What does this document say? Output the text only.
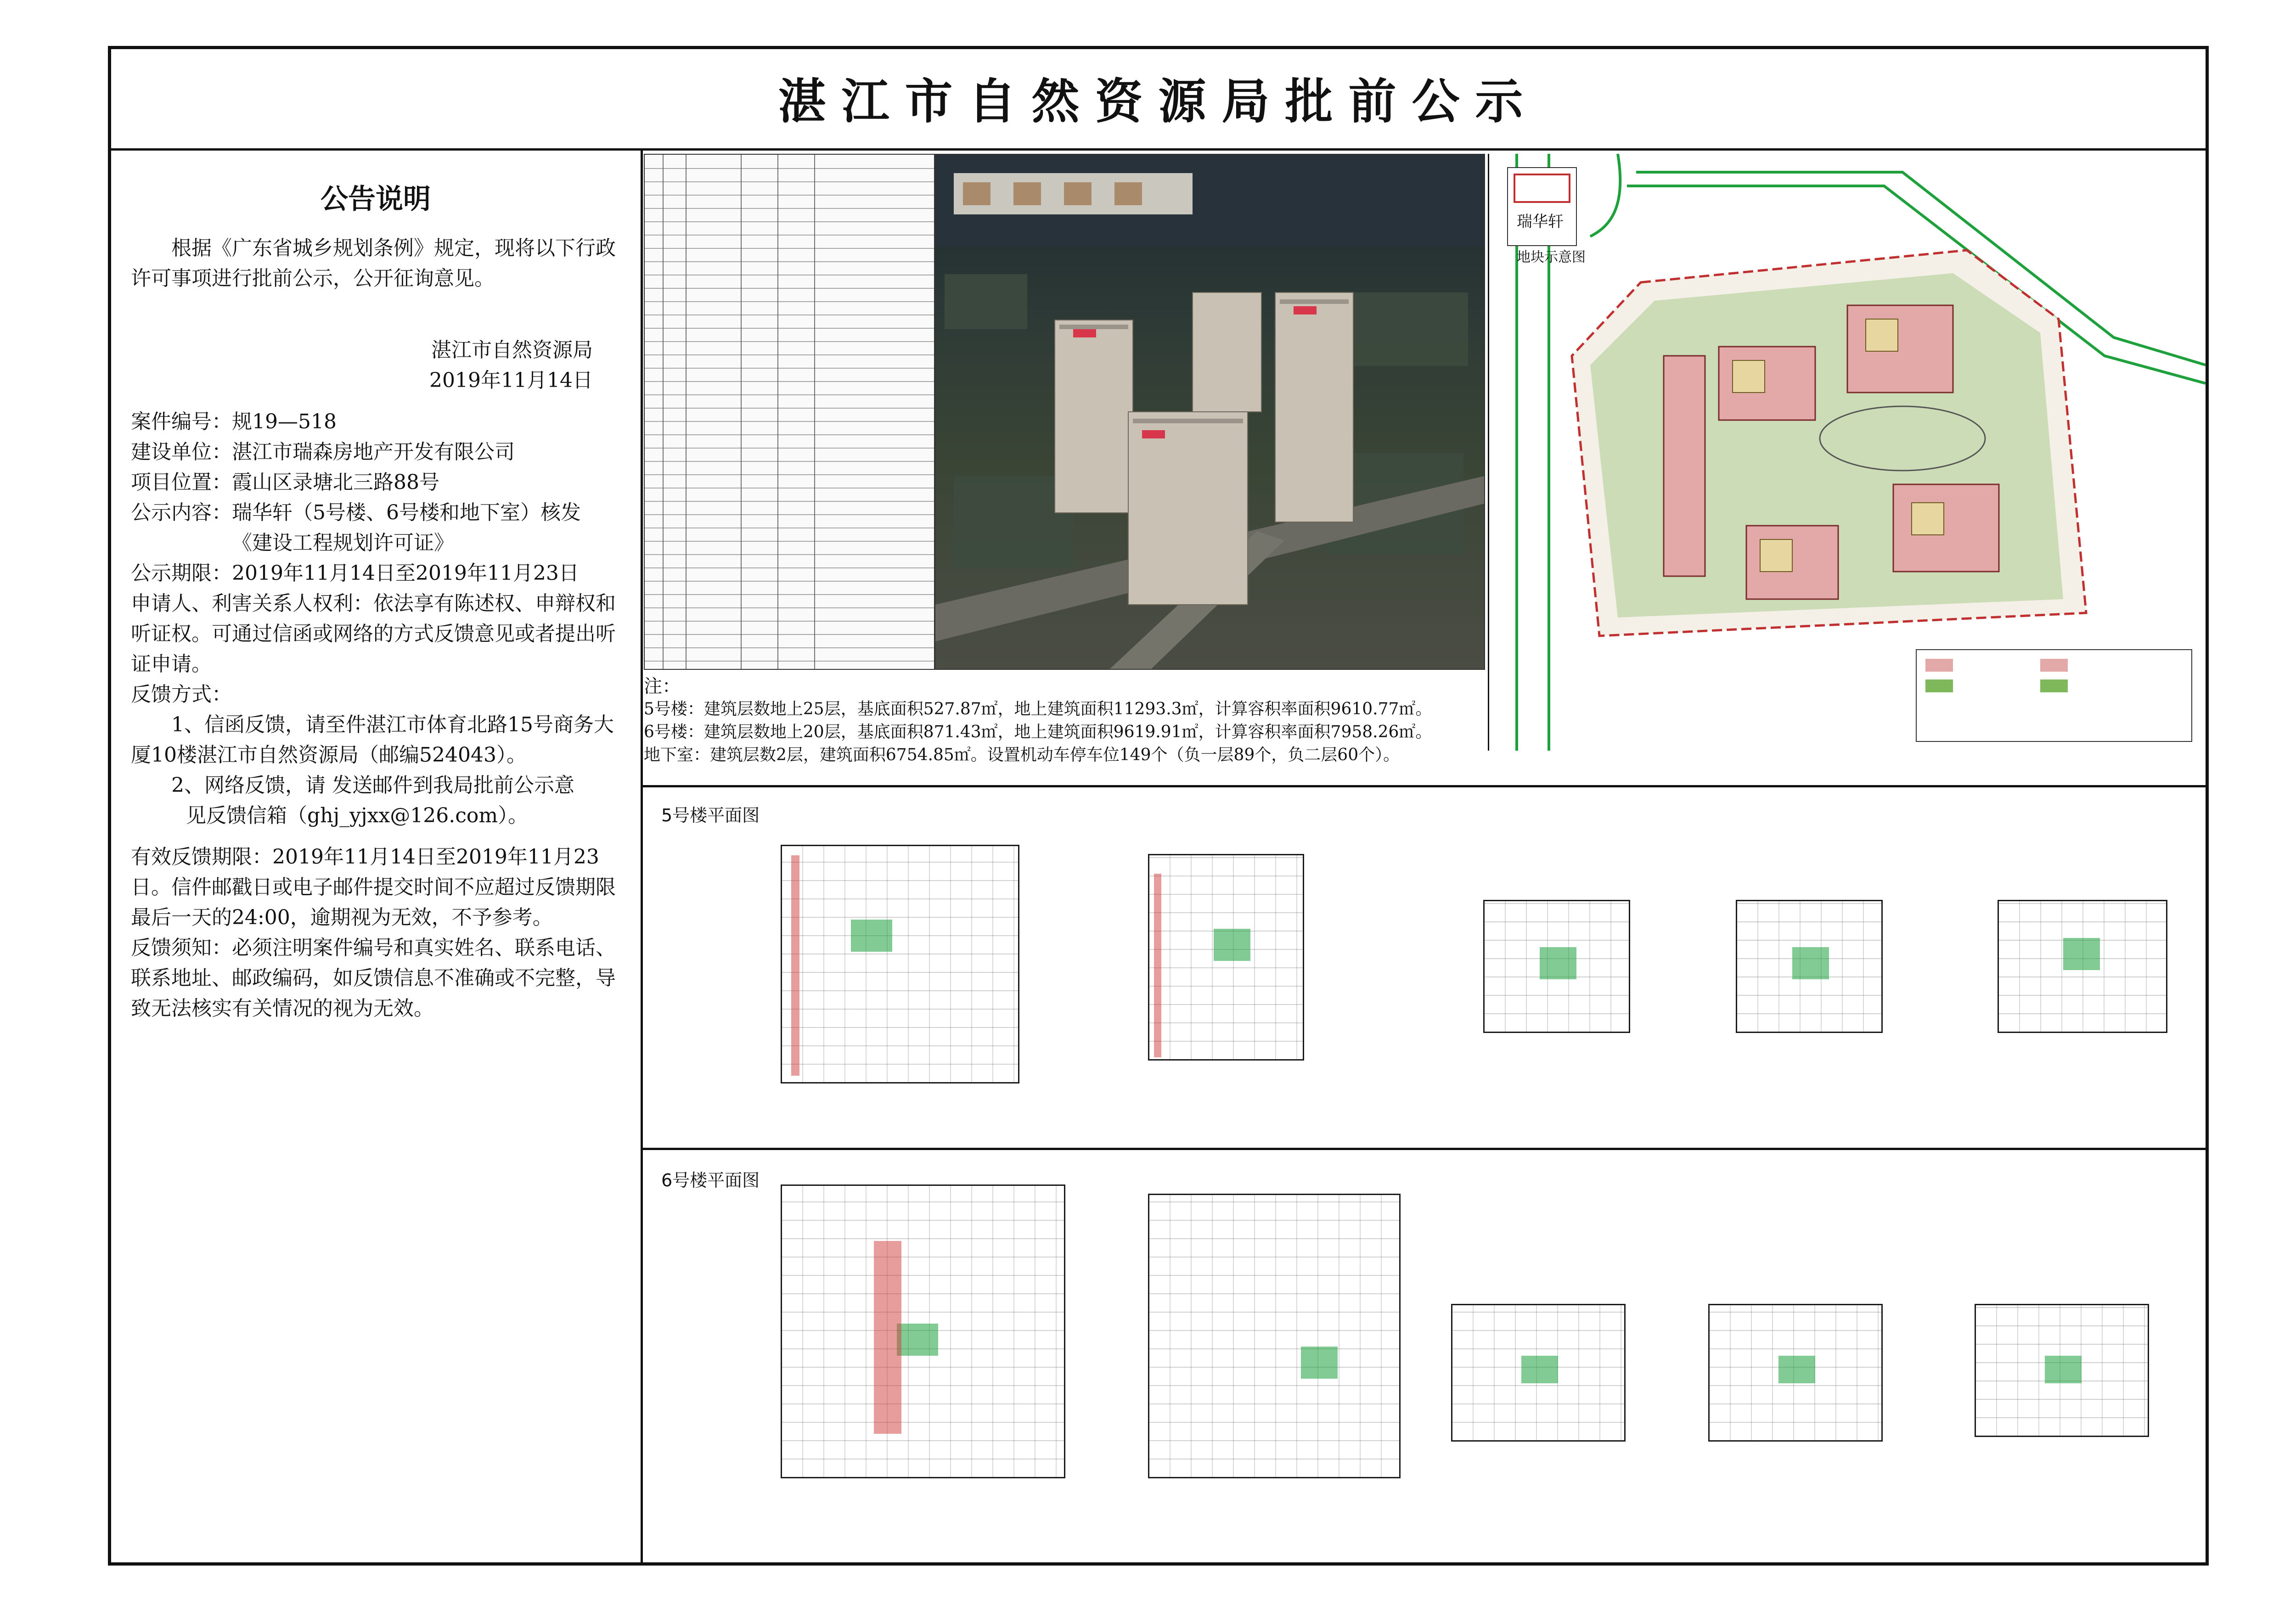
湛江市自然资源局批前公示
公告说明

根据《广东省城乡规划条例》规定，现将以下行政许可事项进行批前公示，公开征询意见。

湛江市自然资源局

2019年11月14日

案件编号：规19—518

建设单位：湛江市瑞森房地产开发有限公司

项目位置：霞山区录塘北三路88号

公示内容：瑞华轩（5号楼、6号楼和地下室）核发

《建设工程规划许可证》

公示期限：2019年11月14日至2019年11月23日

申请人、利害关系人权利：依法享有陈述权、申辩权和听证权。可通过信函或网络的方式反馈意见或者提出听证申请。

反馈方式：

1、信函反馈，请至件湛江市体育北路15号商务大厦10楼湛江市自然资源局（邮编524043）。

2、网络反馈，请 发送邮件到我局批前公示意

见反馈信箱（ghj_yjxx@126.com）。

有效反馈期限：2019年11月14日至2019年11月23日。信件邮戳日或电子邮件提交时间不应超过反馈期限最后一天的24:00，逾期视为无效，不予参考。

反馈须知：必须注明案件编号和真实姓名、联系电话、联系地址、邮政编码，如反馈信息不准确或不完整，导致无法核实有关情况的视为无效。

瑞华轩
地块示意图

注：

5号楼：建筑层数地上25层，基底面积527.87㎡，地上建筑面积11293.3㎡，计算容积率面积9610.77㎡。

6号楼：建筑层数地上20层，基底面积871.43㎡，地上建筑面积9619.91㎡，计算容积率面积7958.26㎡。

地下室：建筑层数2层，建筑面积6754.85㎡。设置机动车停车位149个（负一层89个，负二层60个）。

5号楼平面图
6号楼平面图
